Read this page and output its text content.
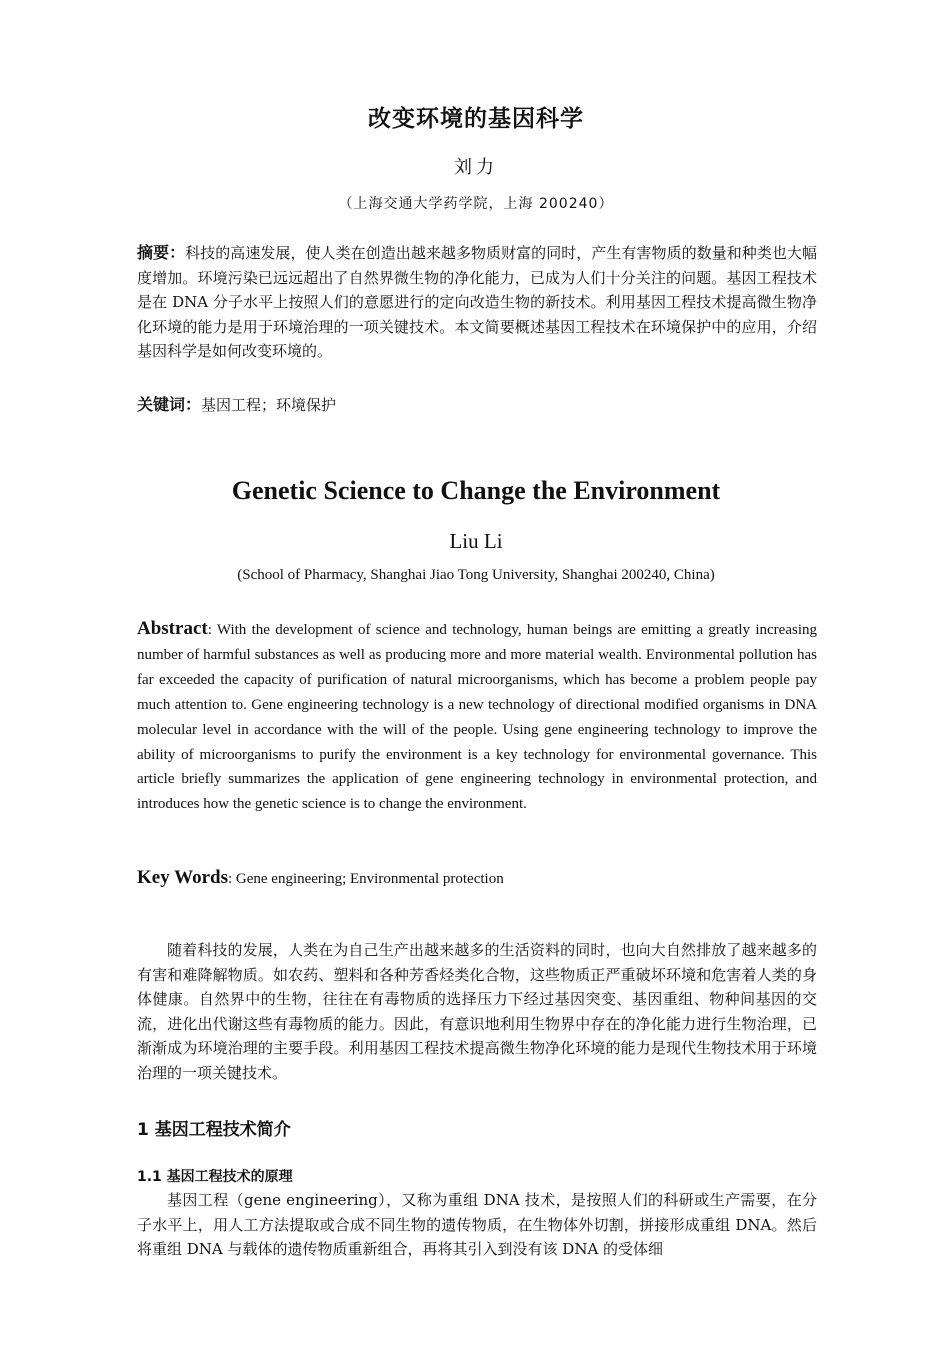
改变环境的基因科学
刘力
（上海交通大学药学院，上海 200240）

摘要：科技的高速发展，使人类在创造出越来越多物质财富的同时，产生有害物质的数量和种类也大幅度增加。环境污染已远远超出了自然界微生物的净化能力，已成为人们十分关注的问题。基因工程技术是在 DNA 分子水平上按照人们的意愿进行的定向改造生物的新技术。利用基因工程技术提高微生物净化环境的能力是用于环境治理的一项关键技术。本文简要概述基因工程技术在环境保护中的应用，介绍基因科学是如何改变环境的。

关键词：基因工程；环境保护

Genetic Science to Change the Environment
Liu Li
(School of Pharmacy, Shanghai Jiao Tong University, Shanghai 200240, China)

Abstract: With the development of science and technology, human beings are emitting a greatly increasing number of harmful substances as well as producing more and more material wealth. Environmental pollution has far exceeded the capacity of purification of natural microorganisms, which has become a problem people pay much attention to. Gene engineering technology is a new technology of directional modified organisms in DNA molecular level in accordance with the will of the people. Using gene engineering technology to improve the ability of microorganisms to purify the environment is a key technology for environmental governance. This article briefly summarizes the application of gene engineering technology in environmental protection, and introduces how the genetic science is to change the environment.

Key Words: Gene engineering; Environmental protection

随着科技的发展，人类在为自己生产出越来越多的生活资料的同时，也向大自然排放了越来越多的有害和难降解物质。如农药、塑料和各种芳香烃类化合物，这些物质正严重破坏环境和危害着人类的身体健康。自然界中的生物，往往在有毒物质的选择压力下经过基因突变、基因重组、物种间基因的交流，进化出代谢这些有毒物质的能力。因此，有意识地利用生物界中存在的净化能力进行生物治理，已渐渐成为环境治理的主要手段。利用基因工程技术提高微生物净化环境的能力是现代生物技术用于环境治理的一项关键技术。

1 基因工程技术简介
1.1 基因工程技术的原理

基因工程（gene engineering），又称为重组 DNA 技术，是按照人们的科研或生产需要，在分子水平上，用人工方法提取或合成不同生物的遗传物质，在生物体外切割，拼接形成重组 DNA。然后将重组 DNA 与载体的遗传物质重新组合，再将其引入到没有该 DNA 的受体细
